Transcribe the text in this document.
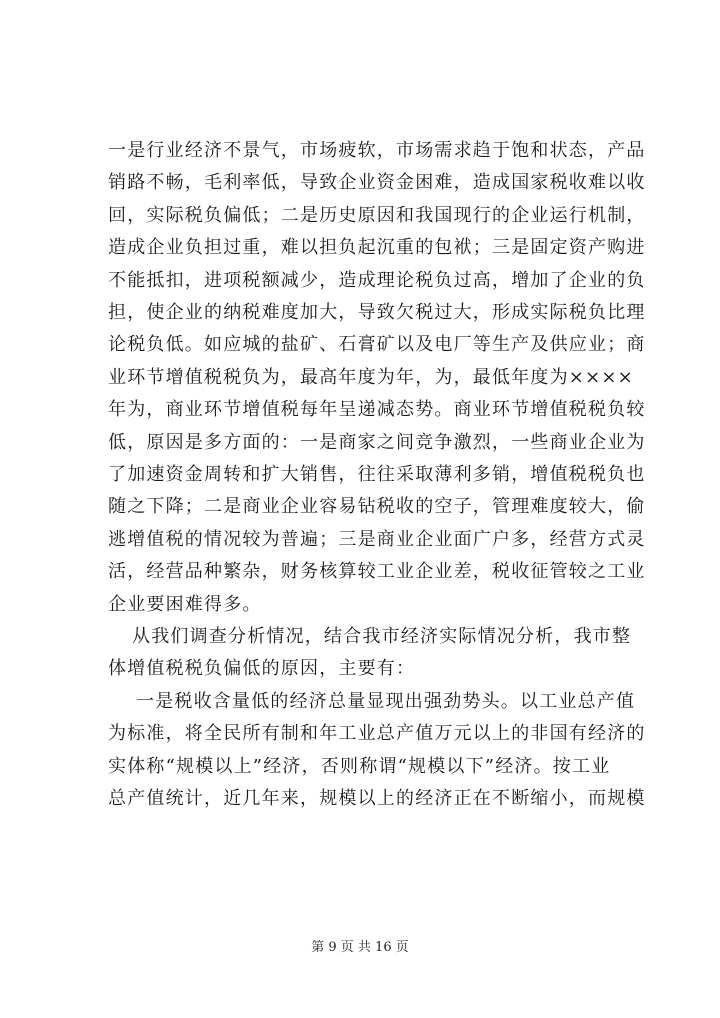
一是行业经济不景气，市场疲软，市场需求趋于饱和状态，产品
销路不畅，毛利率低，导致企业资金困难，造成国家税收难以收
回，实际税负偏低；二是历史原因和我国现行的企业运行机制，
造成企业负担过重，难以担负起沉重的包袱；三是固定资产购进
不能抵扣，进项税额减少，造成理论税负过高，增加了企业的负
担，使企业的纳税难度加大，导致欠税过大，形成实际税负比理
论税负低。如应城的盐矿、石膏矿以及电厂等生产及供应业；商
业环节增值税税负为，最高年度为年，为，最低年度为××××
年为，商业环节增值税每年呈递减态势。商业环节增值税税负较
低，原因是多方面的：一是商家之间竞争激烈，一些商业企业为
了加速资金周转和扩大销售，往往采取薄利多销，增值税税负也
随之下降；二是商业企业容易钻税收的空子，管理难度较大，偷
逃增值税的情况较为普遍；三是商业企业面广户多，经营方式灵
活，经营品种繁杂，财务核算较工业企业差，税收征管较之工业
企业要困难得多。
从我们调查分析情况，结合我市经济实际情况分析，我市整
体增值税税负偏低的原因，主要有：
一是税收含量低的经济总量显现出强劲势头。以工业总产值
为标准，将全民所有制和年工业总产值万元以上的非国有经济的
实体称“规模以上”经济，否则称谓“规模以下”经济。按工业
总产值统计，近几年来，规模以上的经济正在不断缩小，而规模
第 9 页 共 16 页
